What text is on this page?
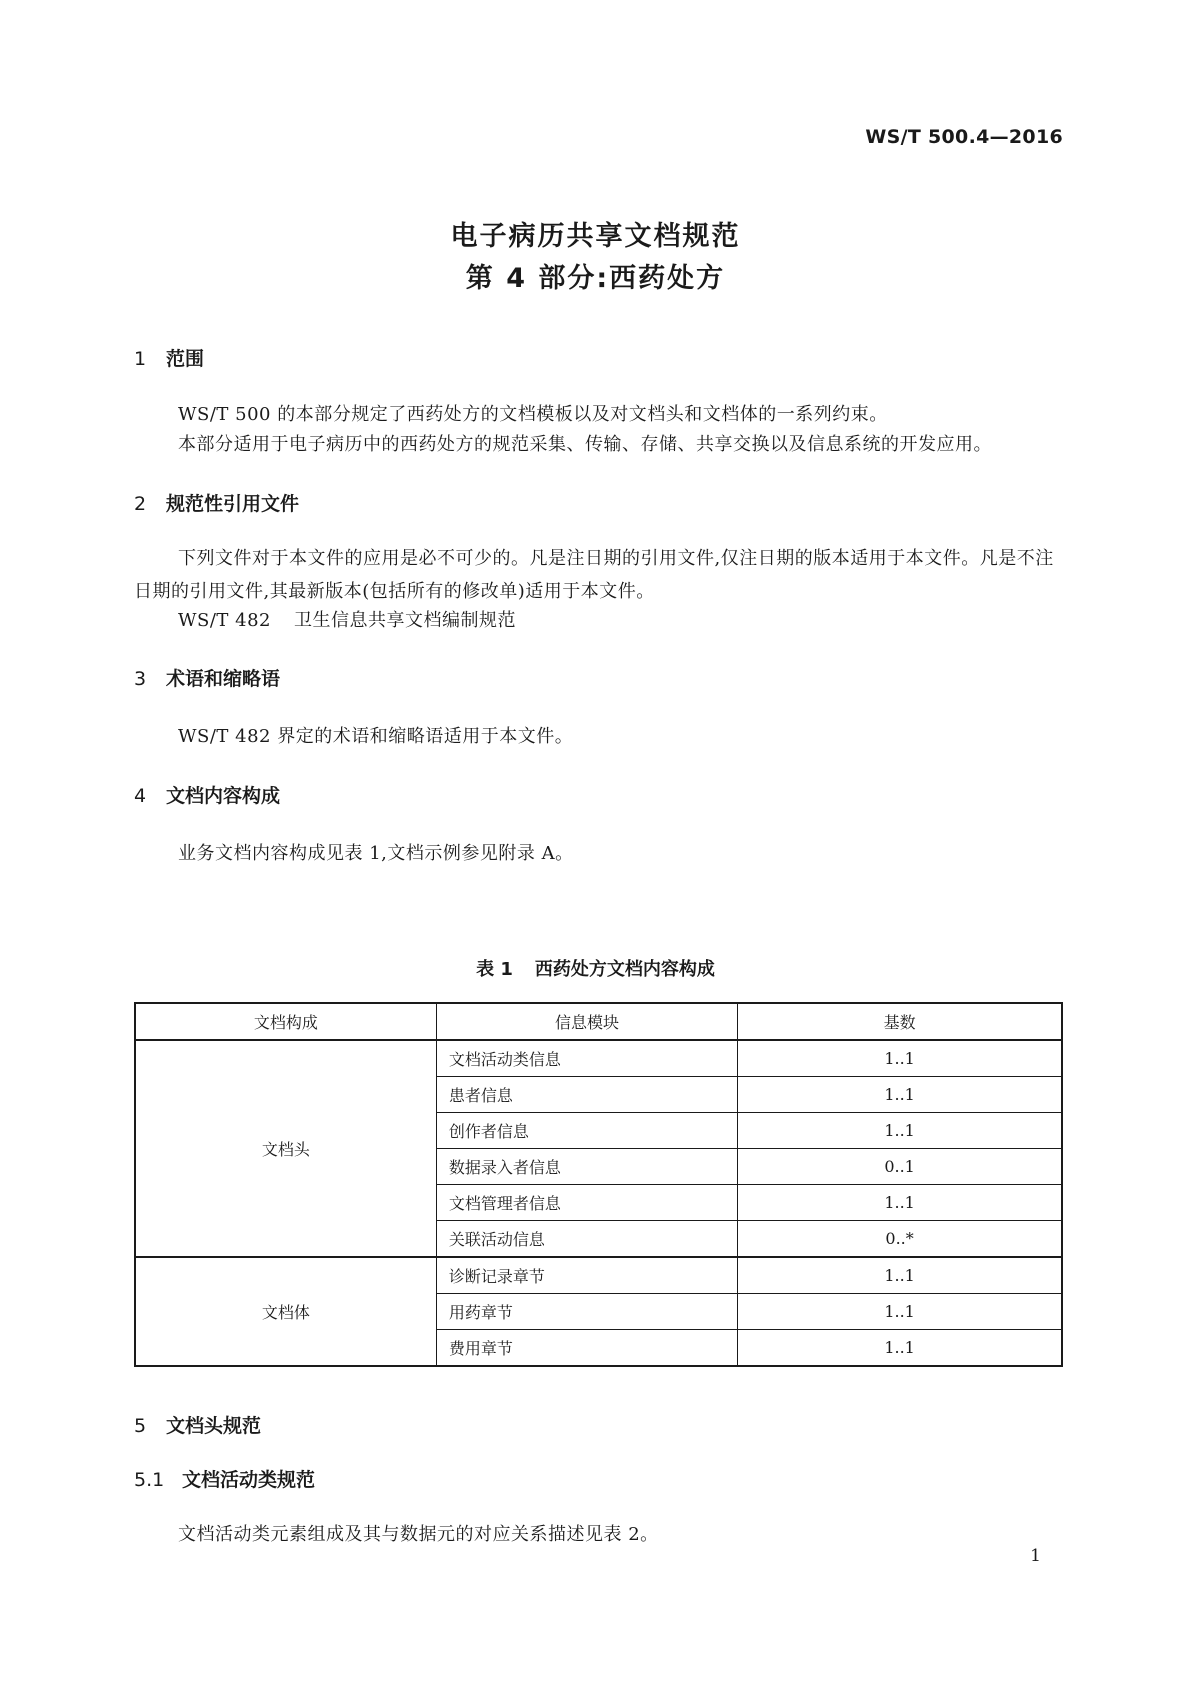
WS/T 500.4—2016
电子病历共享文档规范
第 4 部分:西药处方
1 范围
WS/T 500 的本部分规定了西药处方的文档模板以及对文档头和文档体的一系列约束。
本部分适用于电子病历中的西药处方的规范采集、传输、存储、共享交换以及信息系统的开发应用。
2 规范性引用文件
下列文件对于本文件的应用是必不可少的。凡是注日期的引用文件,仅注日期的版本适用于本文件。凡是不注日期的引用文件,其最新版本(包括所有的修改单)适用于本文件。
WS/T 482 卫生信息共享文档编制规范
3 术语和缩略语
WS/T 482 界定的术语和缩略语适用于本文件。
4 文档内容构成
业务文档内容构成见表 1,文档示例参见附录 A。
表 1 西药处方文档内容构成
文档构成	信息模块	基数
文档头	文档活动类信息	1..1
	患者信息	1..1
	创作者信息	1..1
	数据录入者信息	0..1
	文档管理者信息	1..1
	关联活动信息	0..*
文档体	诊断记录章节	1..1
	用药章节	1..1
	费用章节	1..1
5 文档头规范
5.1 文档活动类规范
文档活动类元素组成及其与数据元的对应关系描述见表 2。
1
